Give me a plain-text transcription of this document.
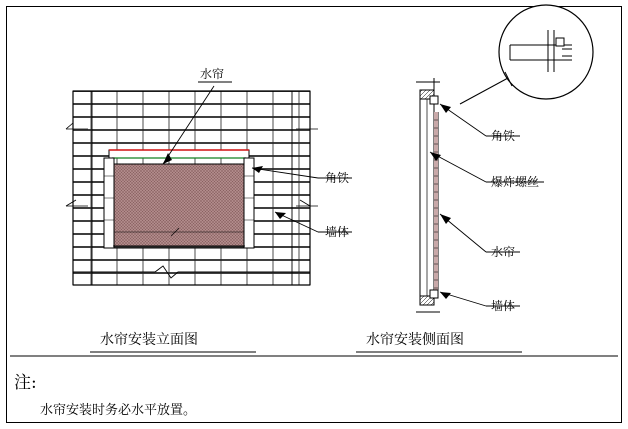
水帘
角铁
墙体
角铁
爆炸螺丝
水帘
墙体
水帘安装立面图	水帘安装侧面图
注:
水帘安装时务必水平放置。
